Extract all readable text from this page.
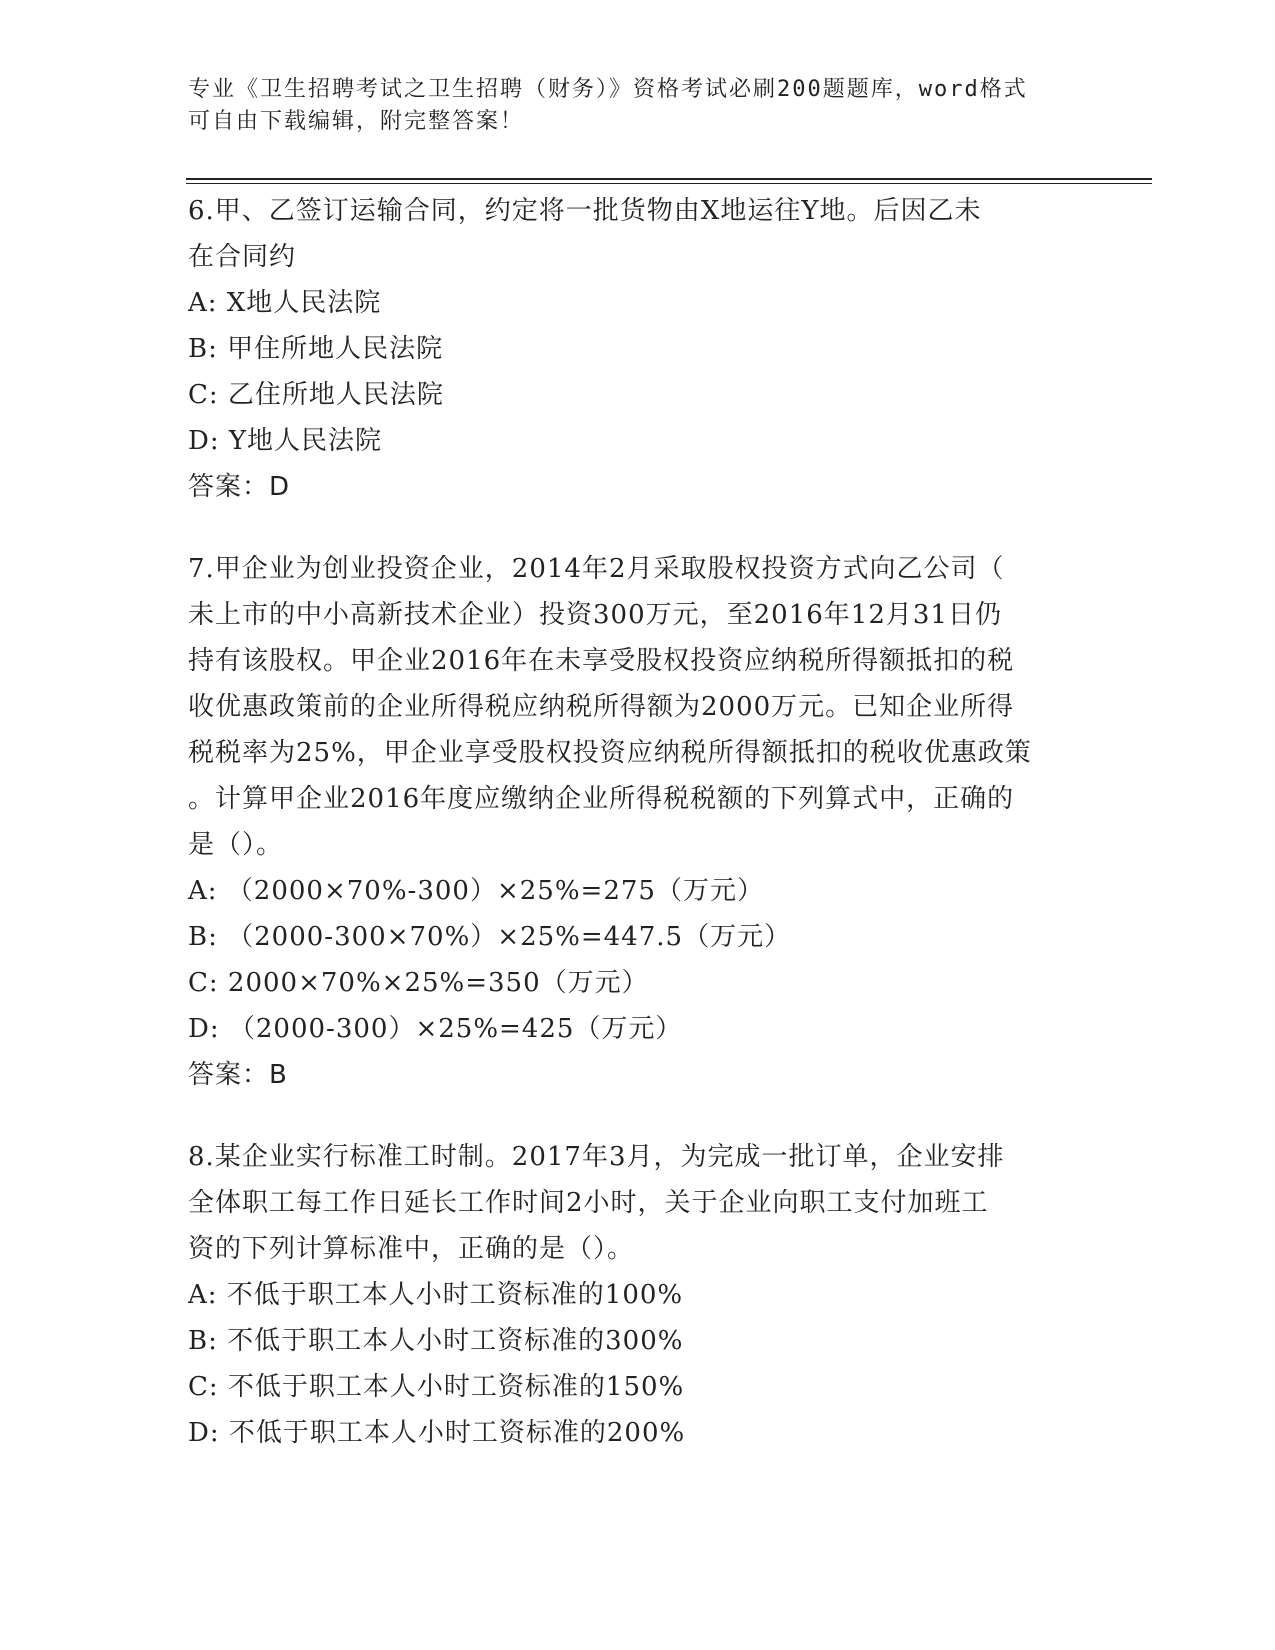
专业《卫生招聘考试之卫生招聘（财务）》资格考试必刷200题题库，word格式
可自由下载编辑，附完整答案！
6.甲、乙签订运输合同，约定将一批货物由X地运往Y地。后因乙未
在合同约
A: X地人民法院
B: 甲住所地人民法院
C: 乙住所地人民法院
D: Y地人民法院
答案：D
7.甲企业为创业投资企业，2014年2月采取股权投资方式向乙公司（
未上市的中小高新技术企业）投资300万元，至2016年12月31日仍
持有该股权。甲企业2016年在未享受股权投资应纳税所得额抵扣的税
收优惠政策前的企业所得税应纳税所得额为2000万元。已知企业所得
税税率为25%，甲企业享受股权投资应纳税所得额抵扣的税收优惠政策
。计算甲企业2016年度应缴纳企业所得税税额的下列算式中，正确的
是（）。
A: （2000×70%-300）×25%=275（万元）
B: （2000-300×70%）×25%=447.5（万元）
C: 2000×70%×25%=350（万元）
D: （2000-300）×25%=425（万元）
答案：B
8.某企业实行标准工时制。2017年3月，为完成一批订单，企业安排
全体职工每工作日延长工作时间2小时，关于企业向职工支付加班工
资的下列计算标准中，正确的是（）。
A: 不低于职工本人小时工资标准的100%
B: 不低于职工本人小时工资标准的300%
C: 不低于职工本人小时工资标准的150%
D: 不低于职工本人小时工资标准的200%
